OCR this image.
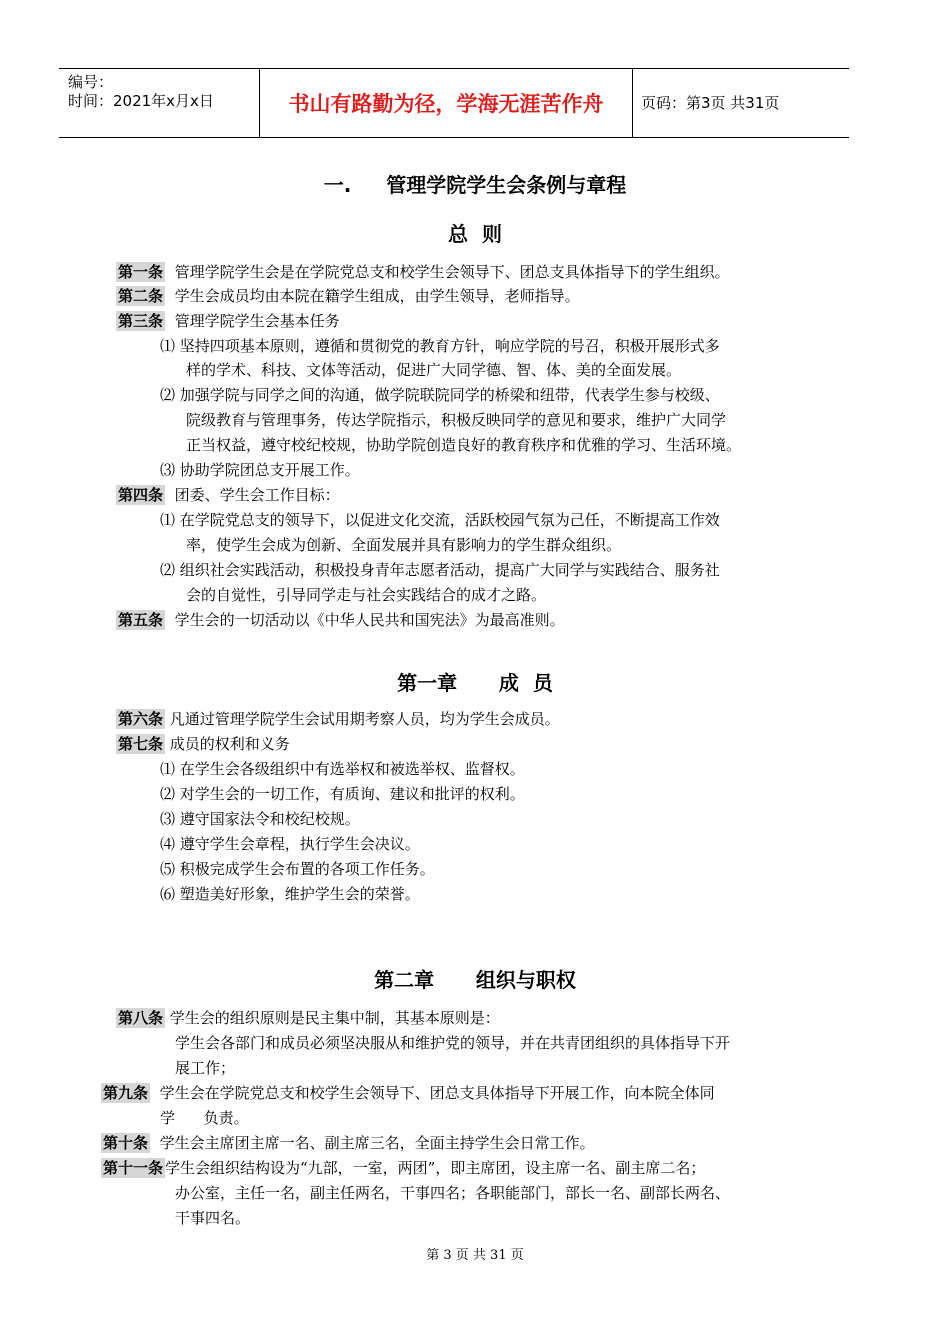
编号：
时间：2021年x月x日	书山有路勤为径，学海无涯苦作舟	页码：第3页 共31页
一.     管理学院学生会条例与章程
总  则
第一条 管理学院学生会是在学院党总支和校学生会领导下、团总支具体指导下的学生组织。
第二条 学生会成员均由本院在籍学生组成，由学生领导，老师指导。
第三条 管理学院学生会基本任务
⑴ 坚持四项基本原则，遵循和贯彻党的教育方针，响应学院的号召，积极开展形式多
样的学术、科技、文体等活动，促进广大同学德、智、体、美的全面发展。
⑵ 加强学院与同学之间的沟通，做学院联院同学的桥梁和纽带，代表学生参与校级、
院级教育与管理事务，传达学院指示，积极反映同学的意见和要求，维护广大同学
正当权益，遵守校纪校规，协助学院创造良好的教育秩序和优雅的学习、生活环境。
⑶ 协助学院团总支开展工作。
第四条 团委、学生会工作目标：
⑴ 在学院党总支的领导下，以促进文化交流，活跃校园气氛为己任，不断提高工作效
率，使学生会成为创新、全面发展并具有影响力的学生群众组织。
⑵ 组织社会实践活动，积极投身青年志愿者活动，提高广大同学与实践结合、服务社
会的自觉性，引导同学走与社会实践结合的成才之路。
第五条 学生会的一切活动以《中华人民共和国宪法》为最高准则。
第一章      成  员
第六条 凡通过管理学院学生会试用期考察人员，均为学生会成员。
第七条 成员的权利和义务
⑴ 在学生会各级组织中有选举权和被选举权、监督权。
⑵ 对学生会的一切工作，有质询、建议和批评的权利。
⑶ 遵守国家法令和校纪校规。
⑷ 遵守学生会章程，执行学生会决议。
⑸ 积极完成学生会布置的各项工作任务。
⑹ 塑造美好形象，维护学生会的荣誉。
第二章      组织与职权
第八条 学生会的组织原则是民主集中制，其基本原则是：
学生会各部门和成员必须坚决服从和维护党的领导，并在共青团组织的具体指导下开
展工作；
第九条 学生会在学院党总支和校学生会领导下、团总支具体指导下开展工作，向本院全体同
学      负责。
第十条 学生会主席团主席一名、副主席三名，全面主持学生会日常工作。
第十一条 学生会组织结构设为“九部，一室，两团”，即主席团，设主席一名、副主席二名；
办公室，主任一名，副主任两名，干事四名；各职能部门，部长一名、副部长两名、
干事四名。
第 3 页 共 31 页
